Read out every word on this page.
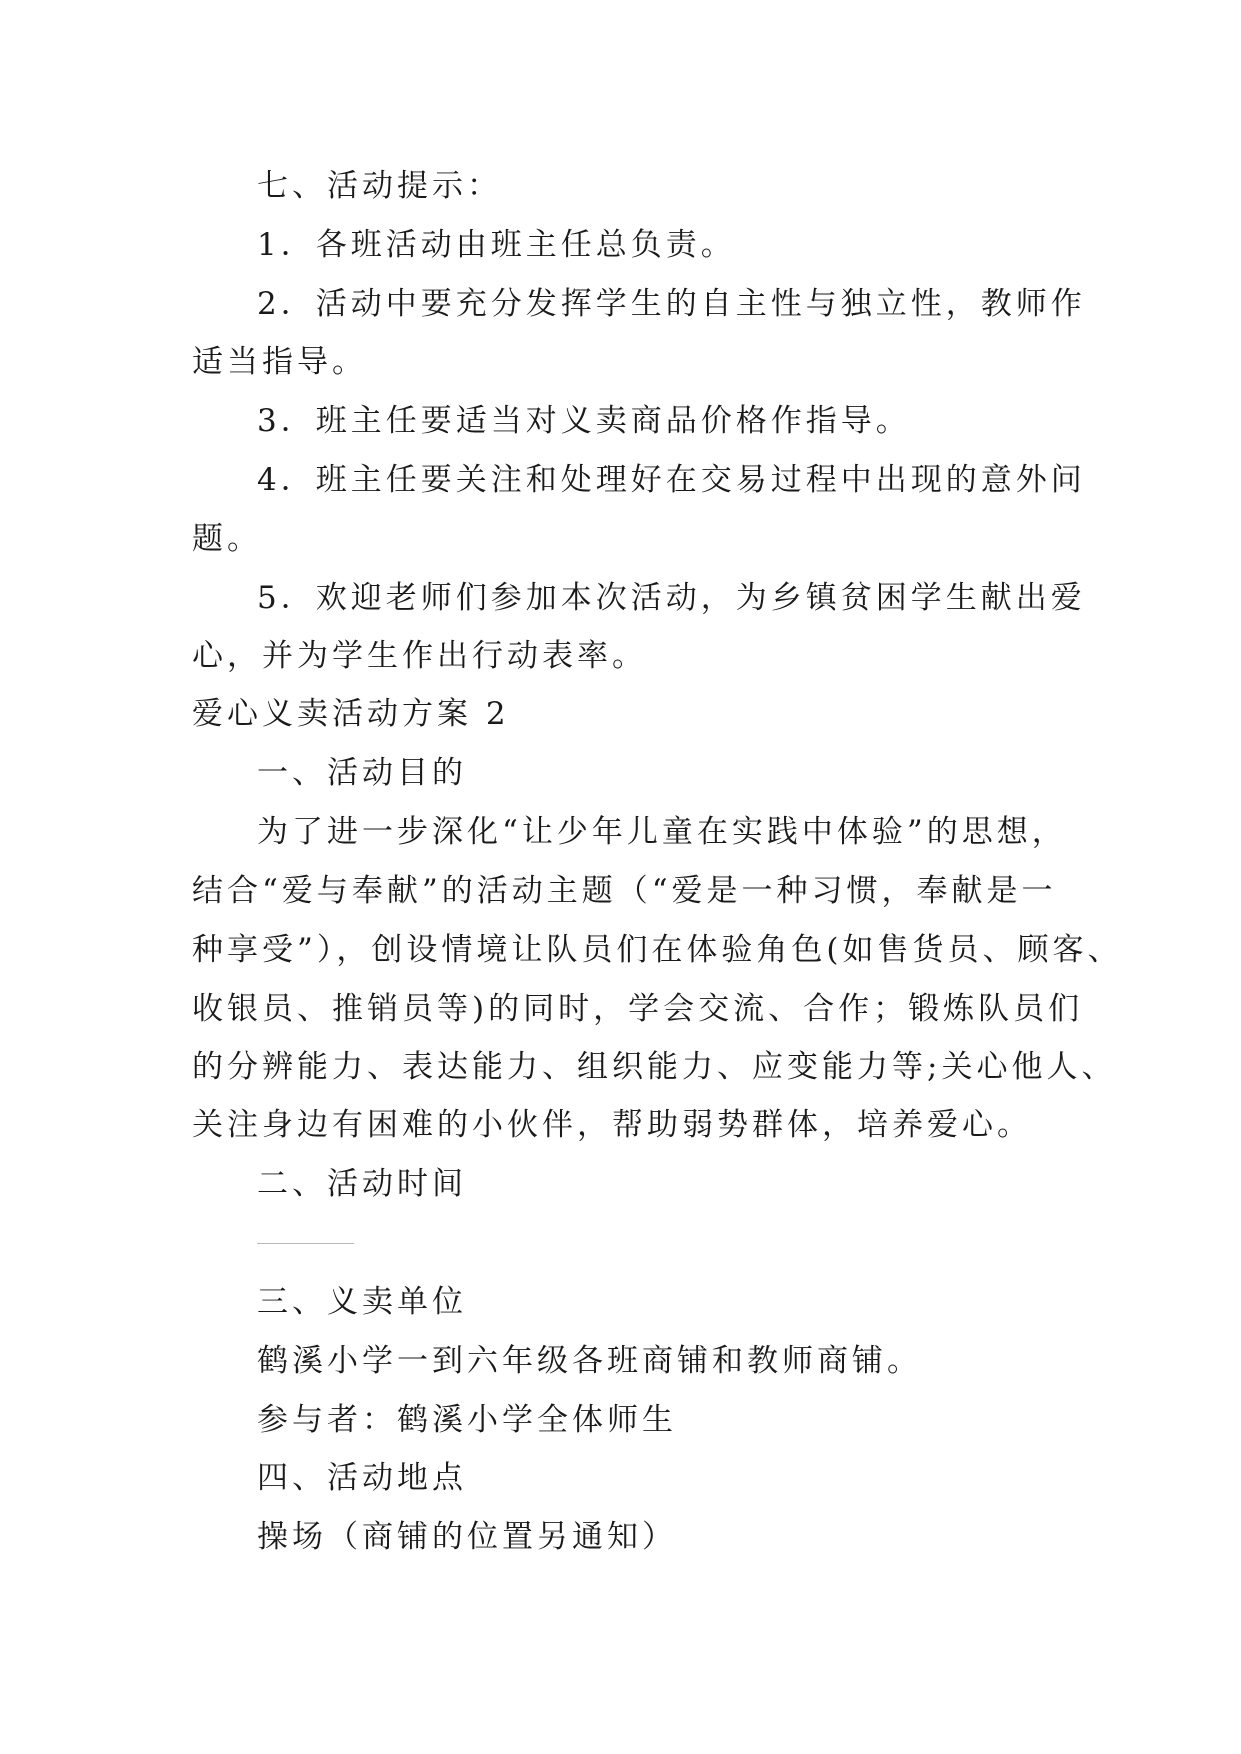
七、活动提示：
1．各班活动由班主任总负责。
2．活动中要充分发挥学生的自主性与独立性，教师作
适当指导。
3．班主任要适当对义卖商品价格作指导。
4．班主任要关注和处理好在交易过程中出现的意外问
题。
5．欢迎老师们参加本次活动，为乡镇贫困学生献出爱
心，并为学生作出行动表率。
爱心义卖活动方案 2
一、活动目的
为了进一步深化“让少年儿童在实践中体验”的思想，
结合“爱与奉献”的活动主题（“爱是一种习惯，奉献是一
种享受”），创设情境让队员们在体验角色(如售货员、顾客、
收银员、推销员等)的同时，学会交流、合作；锻炼队员们
的分辨能力、表达能力、组织能力、应变能力等;关心他人、
关注身边有困难的小伙伴，帮助弱势群体，培养爱心。
二、活动时间
三、义卖单位
鹤溪小学一到六年级各班商铺和教师商铺。
参与者：鹤溪小学全体师生
四、活动地点
操场（商铺的位置另通知）
